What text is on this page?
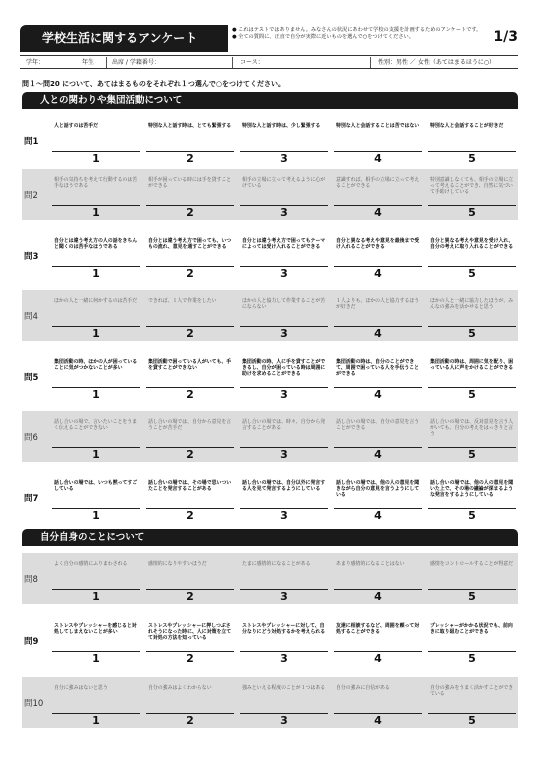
学校生活に関するアンケート
● これはテストではありません。みなさんの状況にあわせて学校の支援を計画するためのアンケートです。
● 全ての質問に、正直で自分が実際に近いものを選んで○をつけてください。	1/3
学年：	年生	出席 / 学籍番号：	コース：	性別：男性 ／ 女性（あてはまるほうに○）
問１～問20 について、あてはまるものをそれぞれ１つ選んで○をつけてください。
人との関わりや集団活動について
問1
人と話すのは苦手だ
1
特別な人と話す時は、とても緊張する
2
特別な人と話す時は、少し緊張する
3
特別な人と会話することは苦ではない
4
特別な人と会話することが好きだ
5
問2
相手の気持ちを考えて行動するのは苦手なほうである
1
相手が困っている時には手を貸すことができる
2
相手の立場に立って考えるように心がけている
3
意識すれば、相手の立場に立って考えることができる
4
特別意識しなくても、相手の立場に立って考えることができ、自然に気づいて手助けしている
5
問3
自分とは違う考え方の人の話をきちんと聞くのは苦手なほうである
1
自分とは違う考え方で困っても、いつもの流れ、意見を通すことができる
2
自分とは違う考え方で困ってもテーマによっては受け入れることができる
3
自分と異なる考えや意見を最後まで受け入れることができる
4
自分と異なる考えや意見を受け入れ、自分の考えに取り入れることができる
5
問4
ほかの人と一緒に何かするのは苦手だ
1
できれば、１人で作業をしたい
2
ほかの人と協力して作業することが苦にならない
3
１人よりも、ほかの人と協力するほうが好きだ
4
ほかの人と一緒に協力したほうが、みんなの強みを活かせると思う
5
問5
集団活動の時、ほかの人が困っていることに気がつかないことが多い
1
集団活動で困っている人がいても、手を貸すことができない
2
集団活動の時、人に手を貸すことができるし、自分が困っている時は周囲に助けを求めることができる
3
集団活動の時は、自分のことができて、周囲で困っている人を手伝うことができる
4
集団活動の時は、周囲に気を配り、困っている人に声をかけることができる
5
問6
話し合いの場で、言いたいことをうまく伝えることができない
1
話し合いの場では、自分から意見を言うことが苦手だ
2
話し合いの場では、時々、自分から発言することがある
3
話し合いの場では、自分の意見を言うことができる
4
話し合いの場では、反対意見を言う人がいても、自分の考えをはっきりと言う
5
問7
話し合いの場では、いつも黙ってすごしている
1
話し合いの場では、その場で思いついたことを発言することがある
2
話し合いの場では、自分以外に発言する人を見て発言するようにしている
3
話し合いの場では、他の人の意見を聞きながら自分の意見を言うようにしている
4
話し合いの場では、他の人の意見を聞いた上で、その場の議論が深まるような発言をするようにしている
5
自分自身のことについて
問8
よく自分の感情にふりまわされる
1
感情的になりやすいほうだ
2
たまに感情的になることがある
3
あまり感情的になることはない
4
感情をコントロールすることが得意だ
5
問9
ストレスやプレッシャーを感じると対処してしまえないことが多い
1
ストレスやプレッシャーに押しつぶされそうになった時に、人に対策を立てて対処の方法を知っている
2
ストレスやプレッシャーに対して、自分なりにどう対処するかを考えられる
3
友達に相談するなど、周囲を頼って対処することができる
4
プレッシャーがかかる状況でも、前向きに取り組むことができる
5
問10
自分に強みはないと思う
1
自分の強みはよくわからない
2
強みといえる程度のことが１つはある
3
自分の強みに自信がある
4
自分の強みをうまく活かすことができている
5
